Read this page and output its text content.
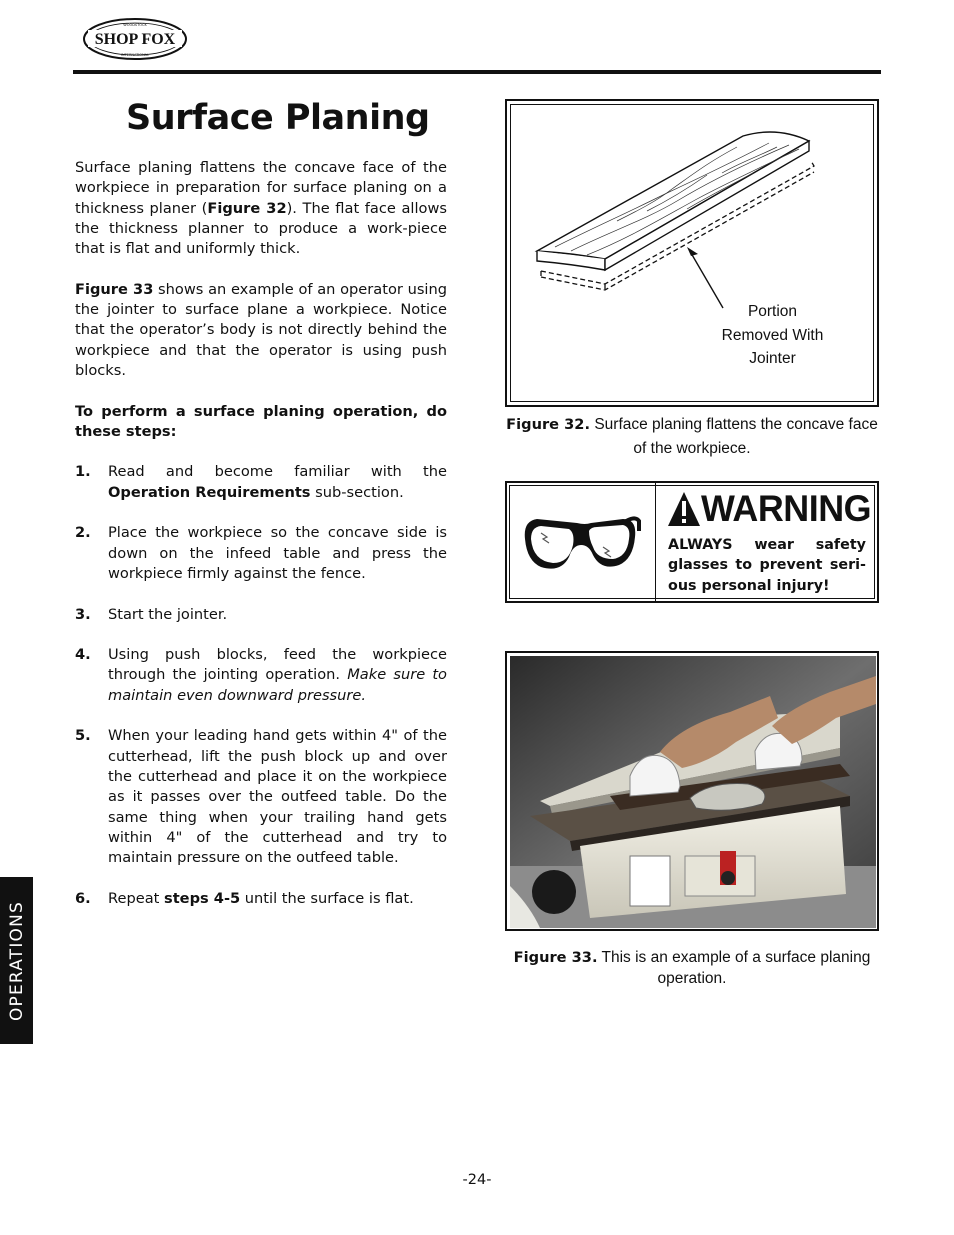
SHOP FOX
WOODSTOCK
INTERNATIONAL
Surface Planing

Surface planing flattens the concave face of the workpiece in preparation for surface planing on a thickness planer (Figure 32). The flat face allows the thickness planner to produce a work-piece that is flat and uniformly thick.

Figure 33 shows an example of an operator using the jointer to surface plane a workpiece. Notice that the operator’s body is not directly behind the workpiece and that the operator is using push blocks.

To perform a surface planing operation, do these steps:

1.	Read and become familiar with the Operation Requirements sub-section.
2.	Place the workpiece so the concave side is down on the infeed table and press the workpiece firmly against the fence.
3.	Start the jointer.
4.	Using push blocks, feed the workpiece through the jointing operation. Make sure to maintain even downward pressure.
5.	When your leading hand gets within 4" of the cutterhead, lift the push block up and over the cutterhead and place it on the workpiece as it passes over the outfeed table. Do the same thing when your trailing hand gets within 4" of the cutterhead and try to maintain pressure on the outfeed table.
6.	Repeat steps 4-5 until the surface is flat.
Portion
Removed With
Jointer
Figure 32. Surface planing flattens the concave face of the workpiece.
WARNING
ALWAYS wear safety glasses to prevent seri-ous personal injury!
Figure 33. This is an example of a surface planing operation.
OPERATIONS
-24-
